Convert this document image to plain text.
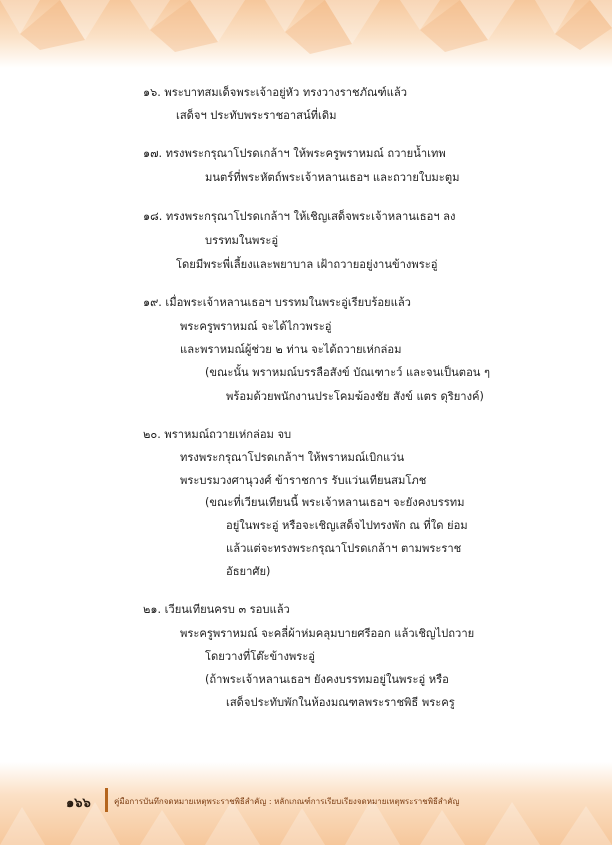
๑๖. พระบาทสมเด็จพระเจ้าอยู่หัว ทรงวางราชภัณฑ์แล้ว
เสด็จฯ ประทับพระราชอาสน์ที่เดิม
๑๗. ทรงพระกรุณาโปรดเกล้าฯ ให้พระครูพราหมณ์ ถวายน้ำเทพ
มนตร์ที่พระหัตถ์พระเจ้าหลานเธอฯ และถวายใบมะตูม
๑๘. ทรงพระกรุณาโปรดเกล้าฯ ให้เชิญเสด็จพระเจ้าหลานเธอฯ ลง
บรรทมในพระอู่
โดยมีพระพี่เลี้ยงและพยาบาล เฝ้าถวายอยู่งานข้างพระอู่
๑๙. เมื่อพระเจ้าหลานเธอฯ บรรทมในพระอู่เรียบร้อยแล้ว
พระครูพราหมณ์ จะได้ไกวพระอู่
และพราหมณ์ผู้ช่วย ๒ ท่าน จะได้ถวายเห่กล่อม
(ขณะนั้น พราหมณ์บรรลือสังข์ บัณเฑาะว์ และจนเป็นตอน ๆ
พร้อมด้วยพนักงานประโคมฆ้องชัย สังข์ แตร ดุริยางค์)
๒๐. พราหมณ์ถวายเห่กล่อม จบ
ทรงพระกรุณาโปรดเกล้าฯ ให้พราหมณ์เบิกแว่น
พระบรมวงศานุวงศ์ ข้าราชการ รับแว่นเทียนสมโภช
(ขณะที่เวียนเทียนนี้ พระเจ้าหลานเธอฯ จะยังคงบรรทม
อยู่ในพระอู่ หรือจะเชิญเสด็จไปทรงพัก ณ ที่ใด ย่อม
แล้วแต่จะทรงพระกรุณาโปรดเกล้าฯ ตามพระราช
อัธยาศัย)
๒๑. เวียนเทียนครบ ๓ รอบแล้ว
พระครูพราหมณ์ จะคลี่ผ้าห่มคลุมบายศรีออก แล้วเชิญไปถวาย
โดยวางที่โต๊ะข้างพระอู่
(ถ้าพระเจ้าหลานเธอฯ ยังคงบรรทมอยู่ในพระอู่ หรือ
เสด็จประทับพักในห้องมณฑลพระราชพิธี พระครู
๑๖๖	คู่มือการบันทึกจดหมายเหตุพระราชพิธีสำคัญ : หลักเกณฑ์การเรียบเรียงจดหมายเหตุพระราชพิธีสำคัญ
